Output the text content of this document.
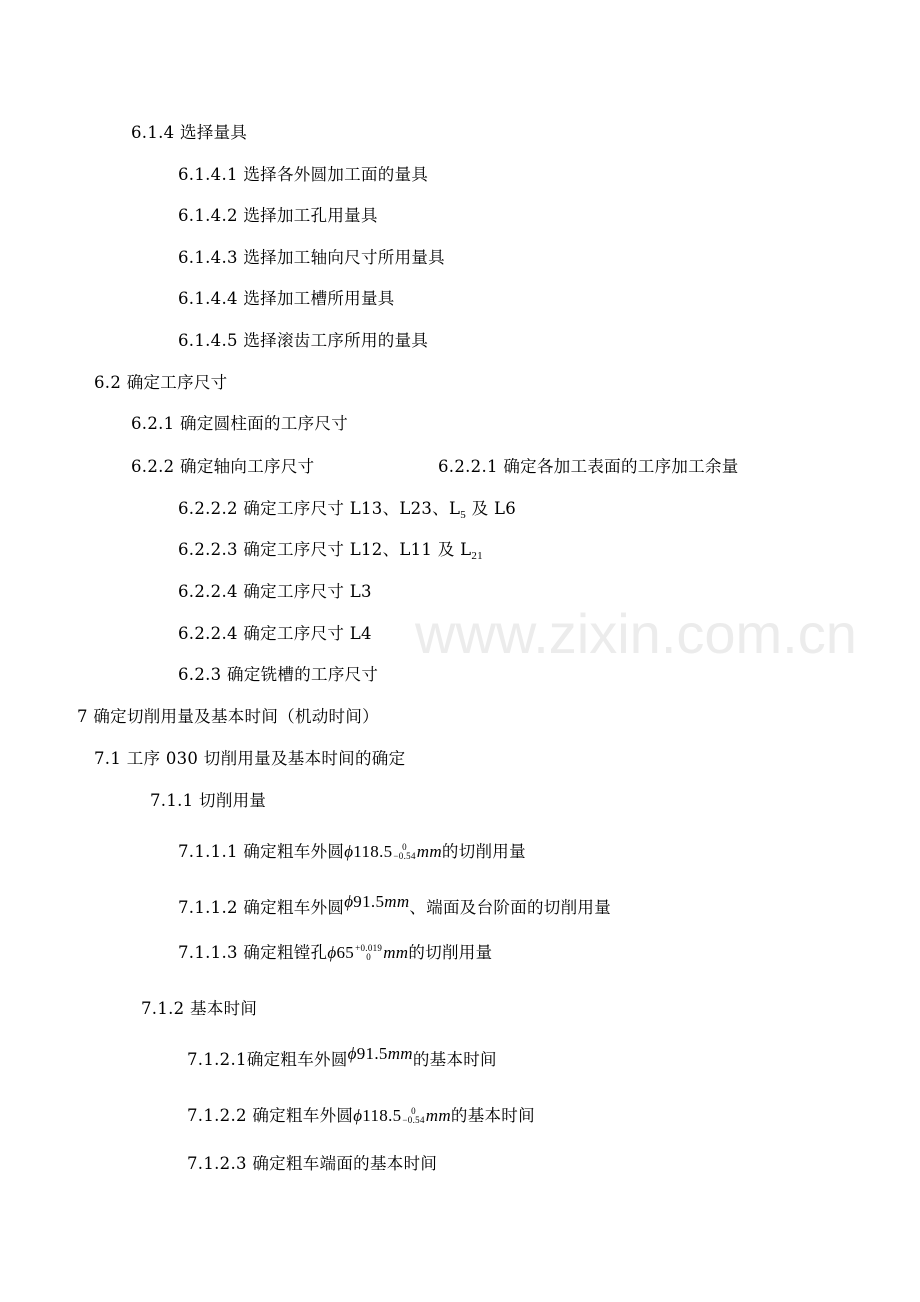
www.zixin.com.cn
6.1.4 选择量具
6.1.4.1 选择各外圆加工面的量具
6.1.4.2 选择加工孔用量具
6.1.4.3 选择加工轴向尺寸所用量具
6.1.4.4 选择加工槽所用量具
6.1.4.5 选择滚齿工序所用的量具
6.2 确定工序尺寸
6.2.1 确定圆柱面的工序尺寸
6.2.2 确定轴向工序尺寸	6.2.2.1 确定各加工表面的工序加工余量
6.2.2.2 确定工序尺寸 L13、L23、$L_5$ 及 L6
6.2.2.3 确定工序尺寸 L12、L11 及 $L_{21}$
6.2.2.4 确定工序尺寸 L3
6.2.2.4 确定工序尺寸 L4
6.2.3 确定铣槽的工序尺寸
7 确定切削用量及基本时间（机动时间）
7.1 工序 030 切削用量及基本时间的确定
7.1.1 切削用量
7.1.1.1 确定粗车外圆ϕ118.5	0
−0.54 mm的切削用量
7.1.1.2 确定粗车外圆ϕ91.5mm、端面及台阶面的切削用量
7.1.1.3 确定粗镗孔ϕ65 +0.019
0 mm的切削用量
7.1.2 基本时间
7.1.2.1确定粗车外圆ϕ91.5mm的基本时间
7.1.2.2 确定粗车外圆ϕ118.5	0
−0.54 mm的基本时间
7.1.2.3 确定粗车端面的基本时间
